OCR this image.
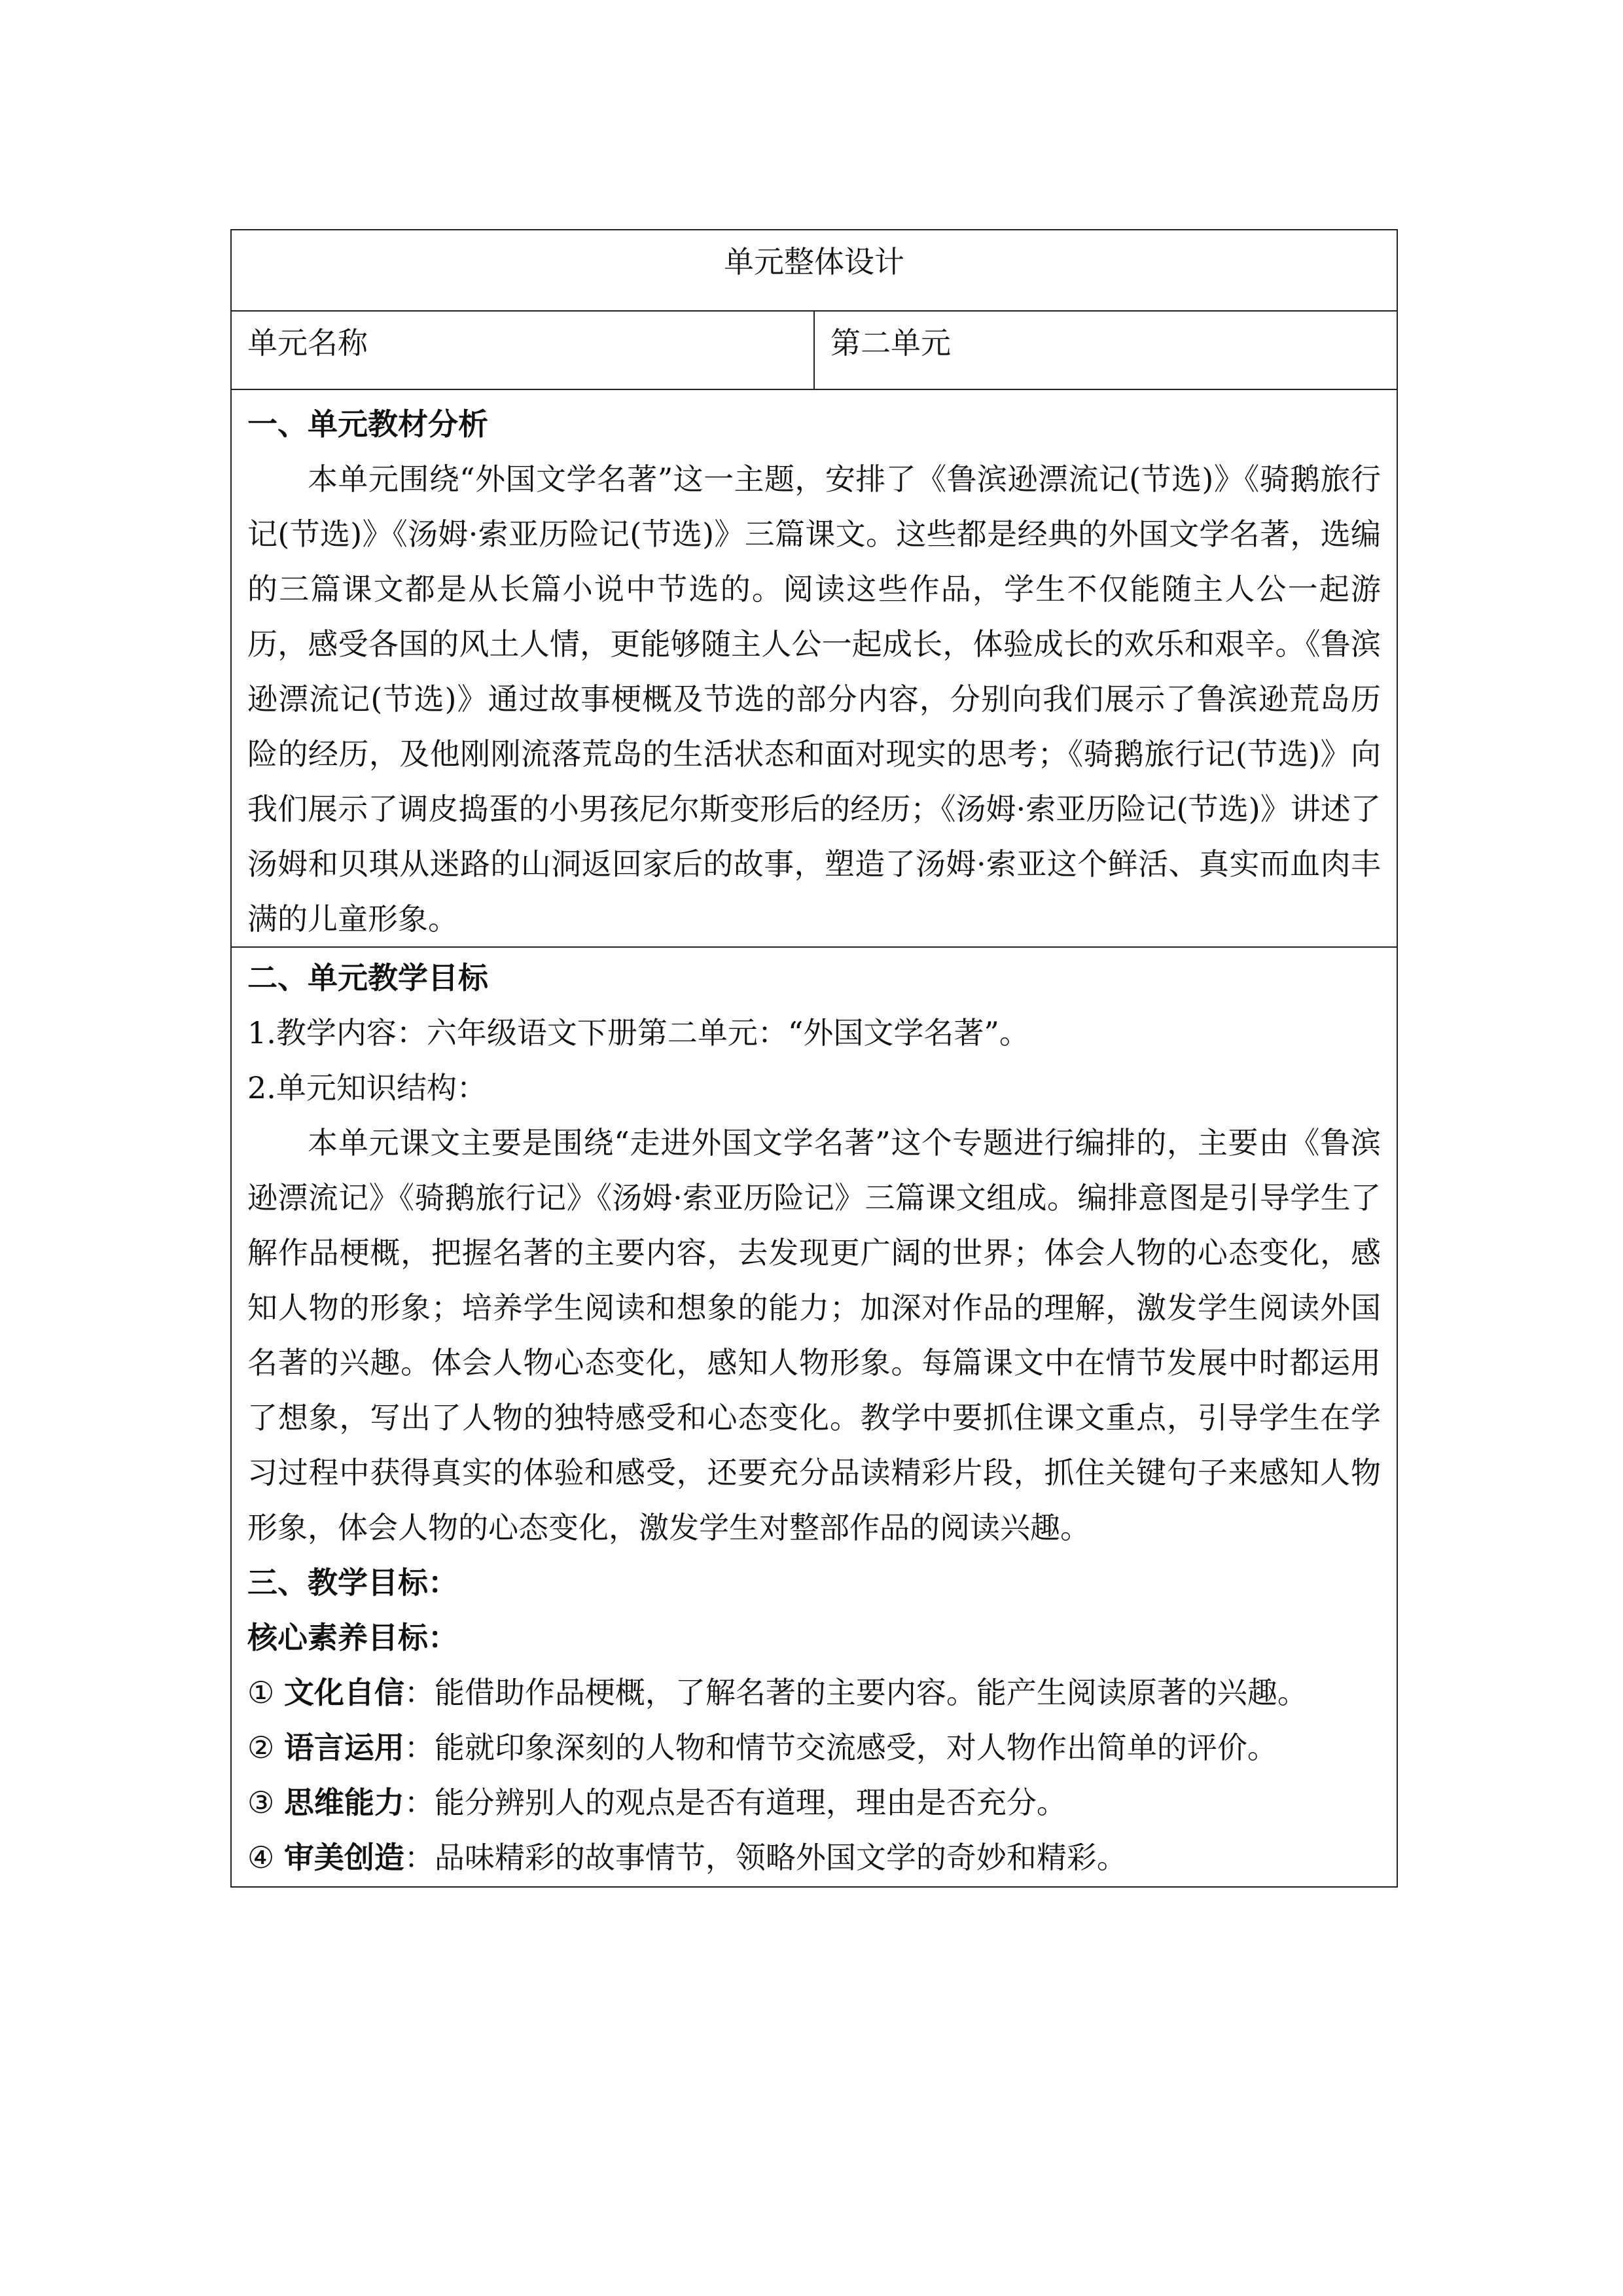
单元整体设计
单元名称	第二单元

一、单元教材分析

本单元围绕“外国文学名著”这一主题，安排了《鲁滨逊漂流记(节选)》《骑鹅旅行记(节选)》《汤姆·索亚历险记(节选)》三篇课文。这些都是经典的外国文学名著，选编的三篇课文都是从长篇小说中节选的。阅读这些作品，学生不仅能随主人公一起游历，感受各国的风土人情，更能够随主人公一起成长，体验成长的欢乐和艰辛。《鲁滨逊漂流记(节选)》通过故事梗概及节选的部分内容，分别向我们展示了鲁滨逊荒岛历险的经历，及他刚刚流落荒岛的生活状态和面对现实的思考；《骑鹅旅行记(节选)》向我们展示了调皮捣蛋的小男孩尼尔斯变形后的经历；《汤姆·索亚历险记(节选)》讲述了汤姆和贝琪从迷路的山洞返回家后的故事，塑造了汤姆·索亚这个鲜活、真实而血肉丰满的儿童形象。

二、单元教学目标

1.教学内容：六年级语文下册第二单元：“外国文学名著”。

2.单元知识结构：

本单元课文主要是围绕“走进外国文学名著”这个专题进行编排的，主要由《鲁滨逊漂流记》《骑鹅旅行记》《汤姆·索亚历险记》三篇课文组成。编排意图是引导学生了解作品梗概，把握名著的主要内容，去发现更广阔的世界；体会人物的心态变化，感知人物的形象；培养学生阅读和想象的能力；加深对作品的理解，激发学生阅读外国名著的兴趣。体会人物心态变化，感知人物形象。每篇课文中在情节发展中时都运用了想象，写出了人物的独特感受和心态变化。教学中要抓住课文重点，引导学生在学习过程中获得真实的体验和感受，还要充分品读精彩片段，抓住关键句子来感知人物形象，体会人物的心态变化，激发学生对整部作品的阅读兴趣。

三、教学目标：

核心素养目标：

① 文化自信：能借助作品梗概，了解名著的主要内容。能产生阅读原著的兴趣。

② 语言运用：能就印象深刻的人物和情节交流感受，对人物作出简单的评价。

③ 思维能力：能分辨别人的观点是否有道理，理由是否充分。

④ 审美创造：品味精彩的故事情节，领略外国文学的奇妙和精彩。
